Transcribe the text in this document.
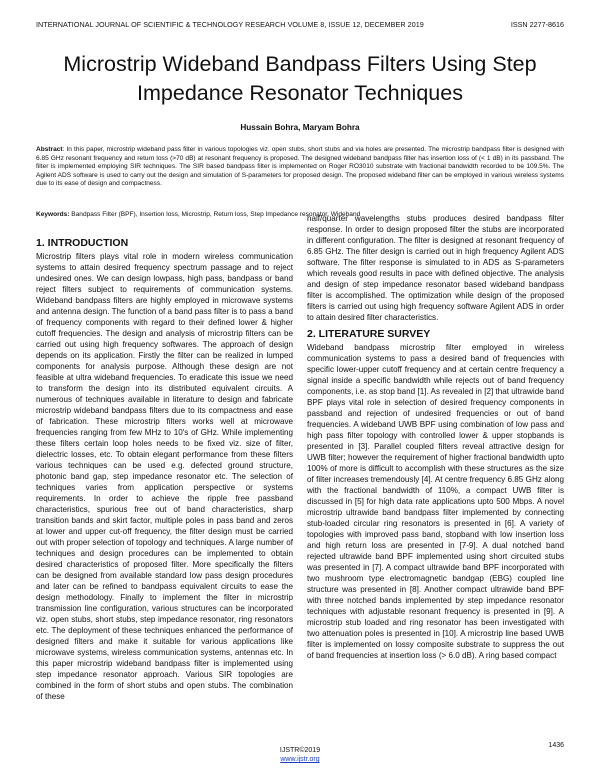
INTERNATIONAL JOURNAL OF SCIENTIFIC & TECHNOLOGY RESEARCH VOLUME 8, ISSUE 12, DECEMBER 2019	ISSN 2277-8616
Microstrip Wideband Bandpass Filters Using Step Impedance Resonator Techniques
Hussain Bohra, Maryam Bohra
Abstract: In this paper, microstrip wideband pass filter in various topologies viz. open stubs, short stubs and via holes are presented. The microstrip bandpass filter is designed with 6.85 GHz resonant frequency and return loss (>70 dB) at resonant frequency is proposed. The designed wideband bandpass filter has insertion loss of (< 1 dB) in its passband. The filter is implemented employing SIR techniques. The SIR based bandpass filter is implemented on Roger RO3010 substrate with fractional bandwidth recorded to be 109.5%. The Agilent ADS software is used to carry out the design and simulation of S-parameters for proposed design. The proposed wideband filter can be employed in various wireless systems due to its ease of design and compactness.
Keywords: Bandpass Filter (BPF), Insertion loss, Microstrip, Return loss, Step Impedance resonator, Wideband
1. INTRODUCTION

Microstrip filters plays vital role in modern wireless communication systems to attain desired frequency spectrum passage and to reject undesired ones. We can design lowpass, high pass, bandpass or band reject filters subject to requirements of communication systems. Wideband bandpass filters are highly employed in microwave systems and antenna design. The function of a band pass filter is to pass a band of frequency components with regard to their defined lower & higher cutoff frequencies. The design and analysis of microstrip filters can be carried out using high frequency softwares. The approach of design depends on its application. Firstly the filter can be realized in lumped components for analysis purpose. Although these design are not feasible at ultra wideband frequencies. To eradicate this issue we need to transform the design into its distributed equivalent circuits. A numerous of techniques available in literature to design and fabricate microstrip wideband bandpass filters due to its compactness and ease of fabrication. These microstrip filters works well at microwave frequencies ranging from few MHz to 10's of GHz. While implementing these filters certain loop holes needs to be fixed viz. size of filter, dielectric losses, etc. To obtain elegant performance from these filters various techniques can be used e.g. defected ground structure, photonic band gap, step impedance resonator etc. The selection of techniques varies from application perspective or systems requirements. In order to achieve the ripple free passband characteristics, spurious free out of band characteristics, sharp transition bands and skirt factor, multiple poles in pass band and zeros at lower and upper cut-off frequency, the filter design must be carried out with proper selection of topology and techniques. A large number of techniques and design procedures can be implemented to obtain desired characteristics of proposed filter. More specifically the filters can be designed from available standard low pass design procedures and later can be refined to bandpass equivalent circuits to ease the design methodology. Finally to implement the filter in microstrip transmission line configuration, various structures can be incorporated viz. open stubs, short stubs, step impedance resonator, ring resonators etc. The deployment of these techniques enhanced the performance of designed filters and make it suitable for various applications like microwave systems, wireless communication systems, antennas etc. In this paper microstrip wideband bandpass filter is implemented using step impedance resonator approach. Various SIR topologies are combined in the form of short stubs and open stubs. The combination of these

half/quarter wavelengths stubs produces desired bandpass filter response. In order to design proposed filter the stubs are incorporated in different configuration. The filter is designed at resonant frequency of 6.85 GHz. The filter design is carried out in high frequency Agilent ADS software. The filter response is simulated to in ADS as S-parameters which reveals good results in pace with defined objective. The analysis and design of step impedance resonator based wideband bandpass filter is accomplished. The optimization while design of the proposed filters is carried out using high frequency software Agilent ADS in order to attain desired filter characteristics.

2. LITERATURE SURVEY

Wideband bandpass microstrip filter employed in wireless communication systems to pass a desired band of frequencies with specific lower-upper cutoff frequency and at certain centre frequency a signal inside a specific bandwidth while rejects out of band frequency components, i.e. as stop band [1]. As revealed in [2] that ultrawide band BPF plays vital role in selection of desired frequency components in passband and rejection of undesired frequencies or out of band frequencies. A wideband UWB BPF using combination of low pass and high pass filter topology with controlled lower & upper stopbands is presented in [3]. Parallel coupled filters reveal attractive design for UWB filter; however the requirement of higher fractional bandwidth upto 100% of more is difficult to accomplish with these structures as the size of filter increases tremendously [4]. At centre frequency 6.85 GHz along with the fractional bandwidth of 110%, a compact UWB filter is discussed in [5] for high data rate applications upto 500 Mbps. A novel microstrip ultrawide band bandpass filter implemented by connecting stub-loaded circular ring resonators is presented in [6]. A variety of topologies with improved pass band, stopband with low insertion loss and high return loss are presented in [7-9]. A dual notched band rejected ultrawide band BPF implemented using short circuited stubs was presented in [7]. A compact ultrawide band BPF incorporated with two mushroom type electromagnetic bandgap (EBG) coupled line structure was presented in [8]. Another compact ultrawide band BPF with three notched bands implemented by step impedance resonator techniques with adjustable resonant frequency is presented in [9]. A microstrip stub loaded and ring resonator has been investigated with two attenuation poles is presented in [10]. A microstrip line based UWB filter is implemented on lossy composite substrate to suppress the out of band frequencies at insertion loss (> 6.0 dB). A ring based compact

1436
IJSTR©2019
www.ijstr.org
